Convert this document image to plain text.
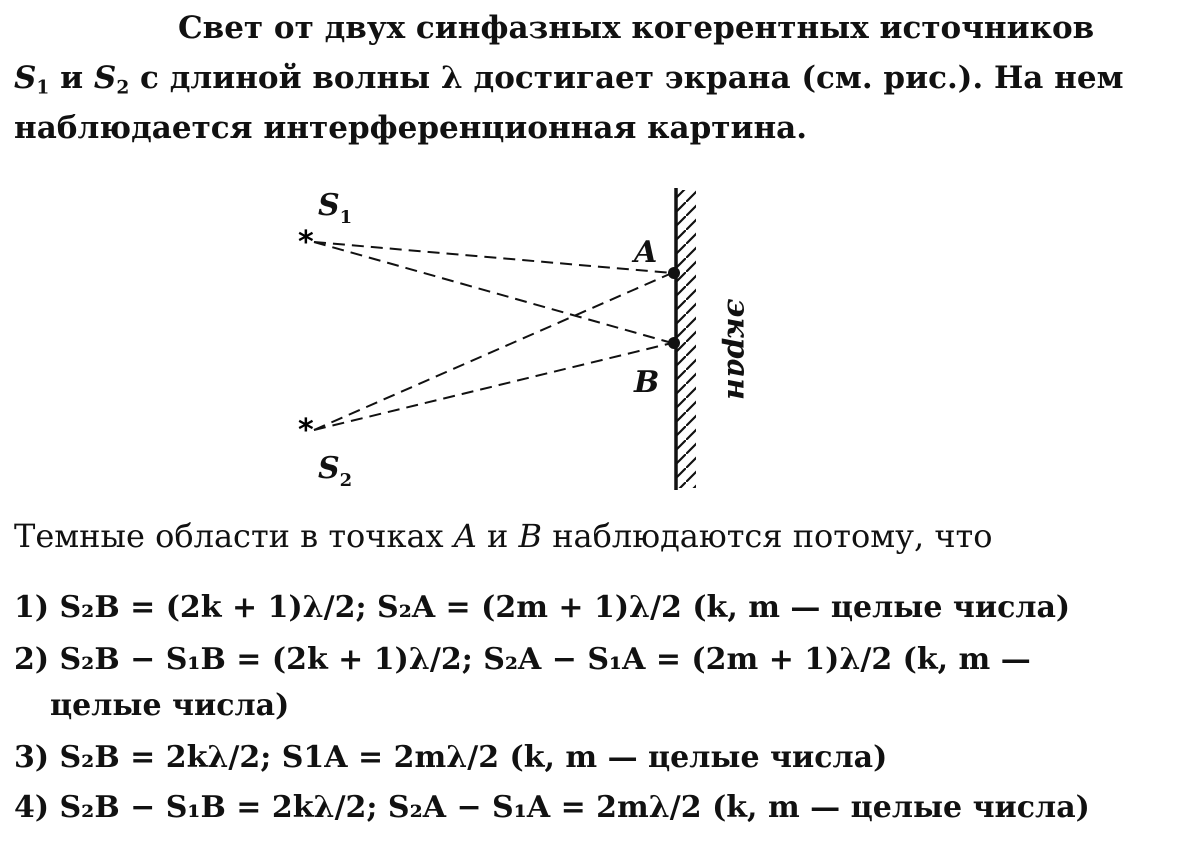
Свет от двух синфазных когерентных источников
$S_1$ и $S_2$ с длиной волны λ достигает экрана (см. рис.). На нем
наблюдается интерференционная картина.
*
*
$S_1$
$S_2$
A
B экран
Темные области в точках A и B наблюдаются потому, что
1) S₂B = (2k + 1)λ/2; S₂A = (2m + 1)λ/2 (k, m — целые числа)
2) S₂B − S₁B = (2k + 1)λ/2; S₂A − S₁A = (2m + 1)λ/2 (k, m —
целые числа)
3) S₂B = 2kλ/2; S1A = 2mλ/2 (k, m — целые числа)
4) S₂B − S₁B = 2kλ/2; S₂A − S₁A = 2mλ/2 (k, m — целые числа)
